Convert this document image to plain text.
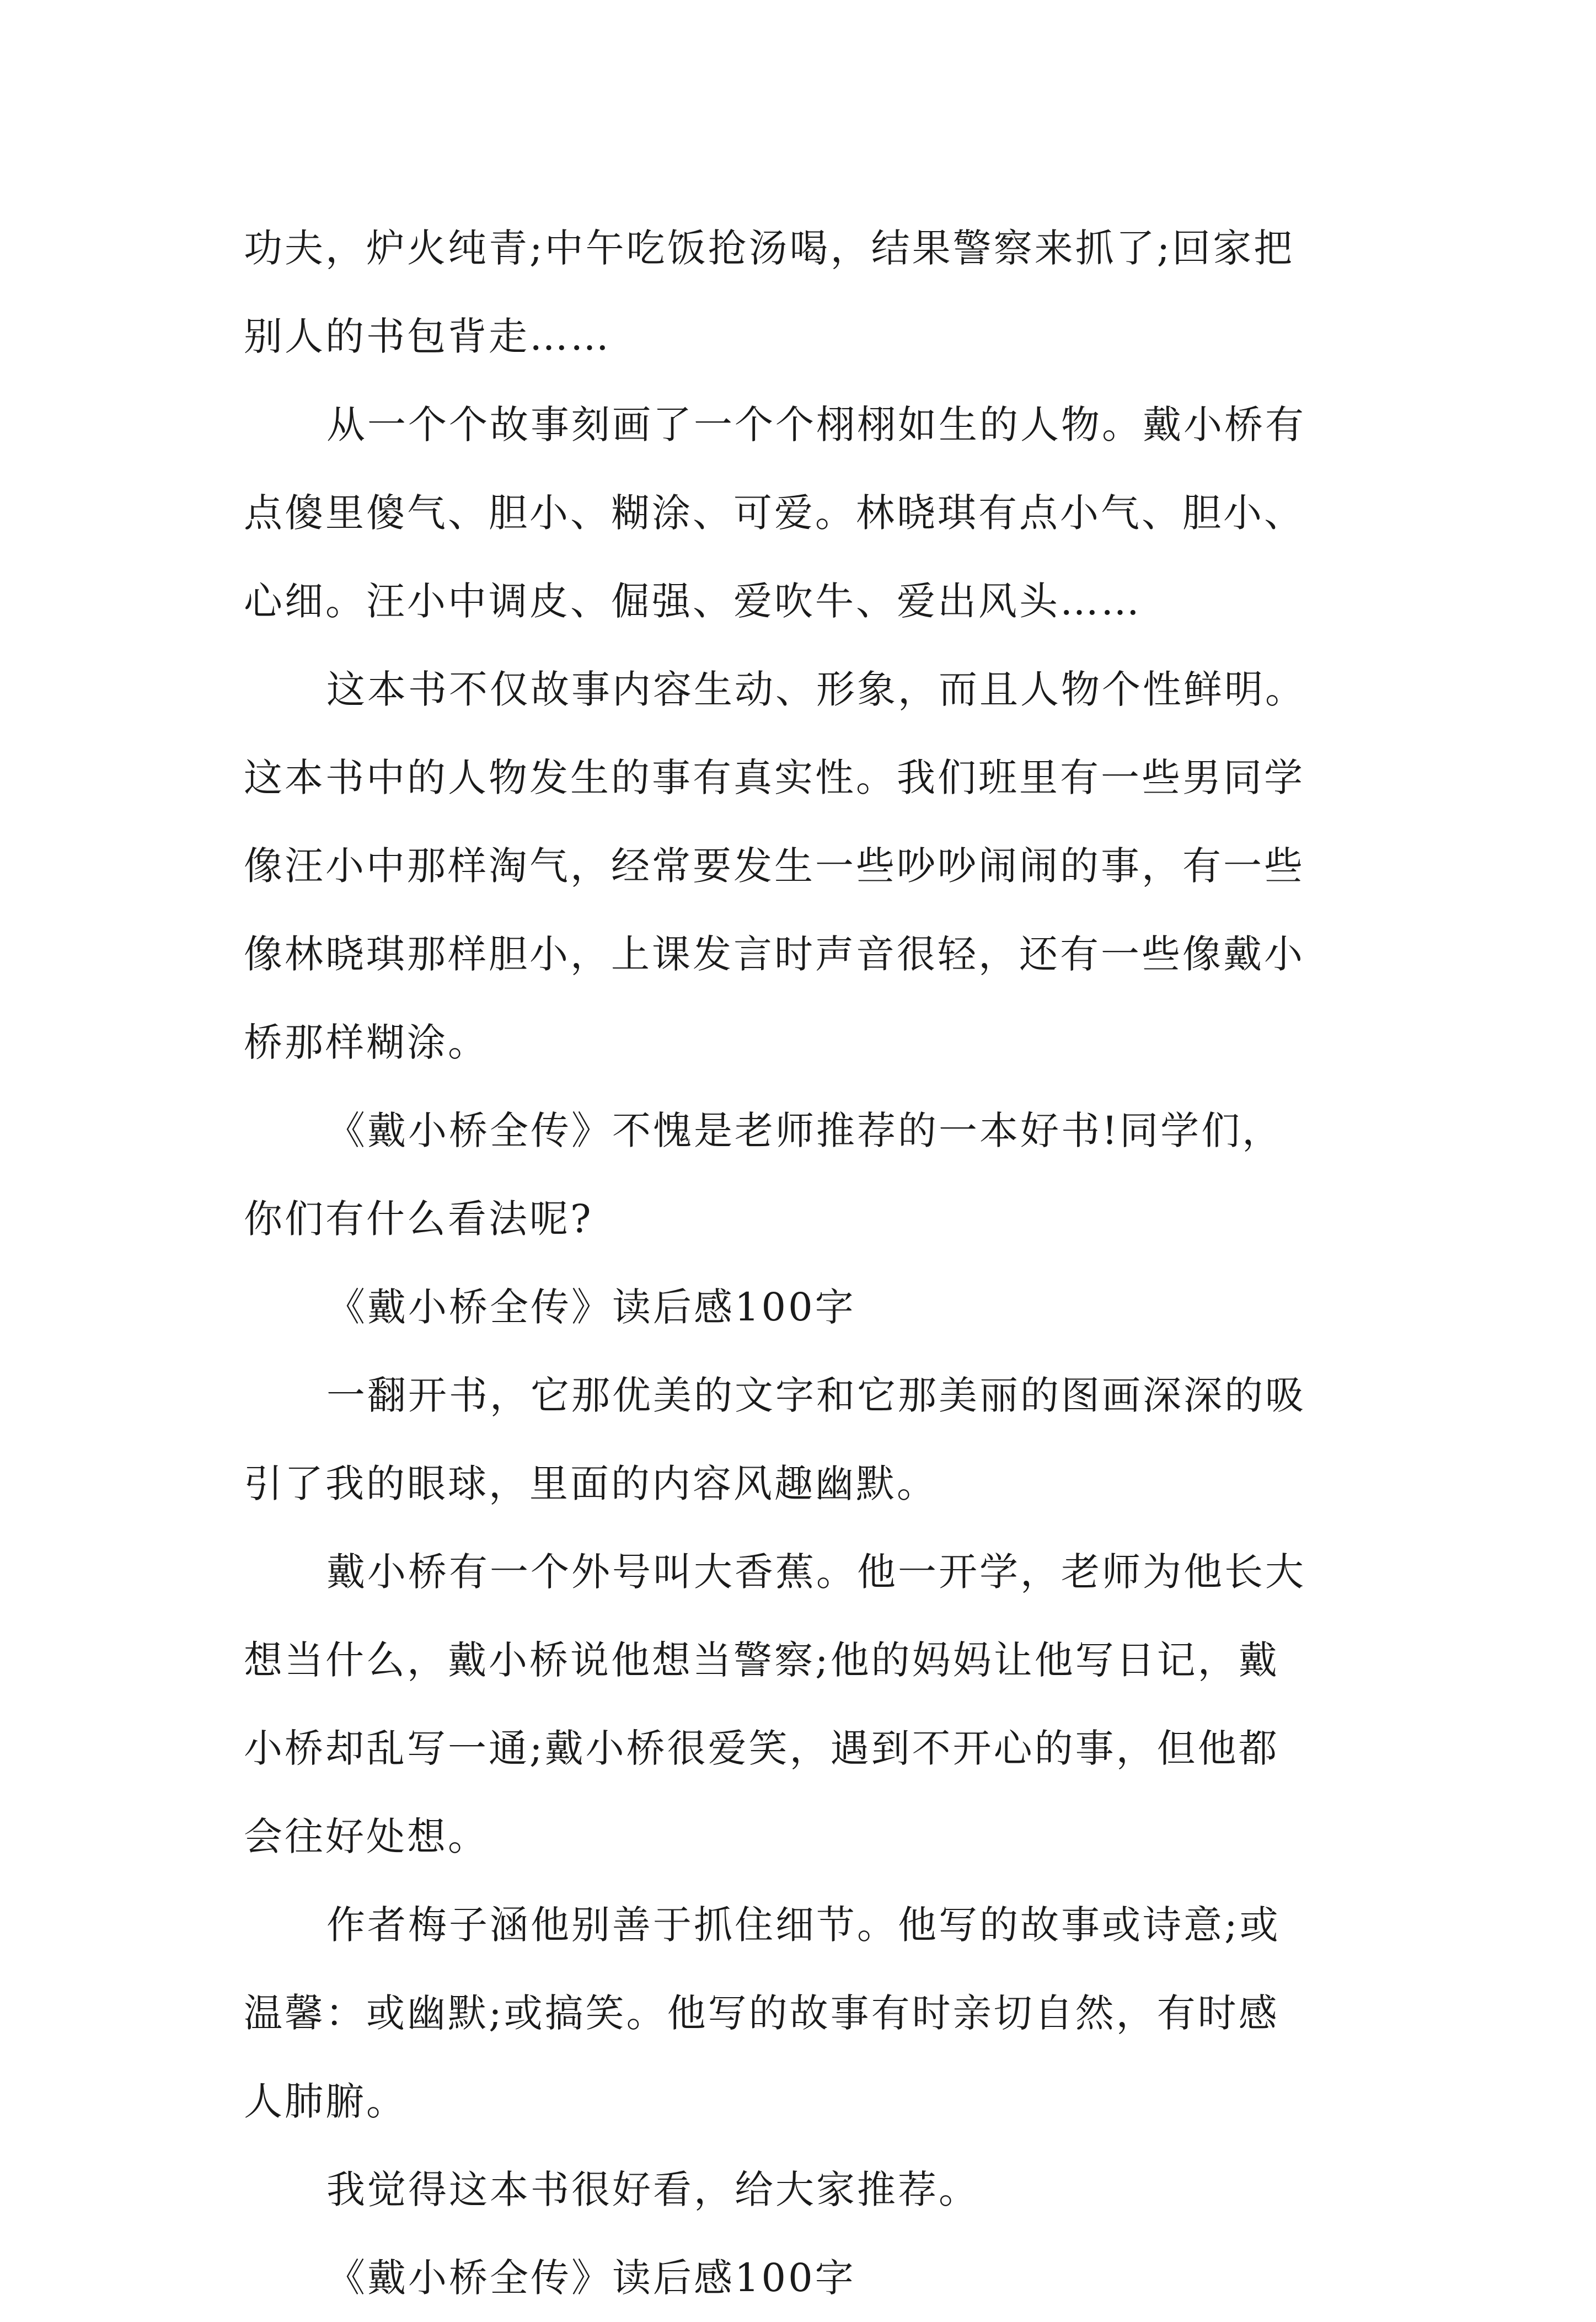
功夫，炉火纯青;中午吃饭抢汤喝，结果警察来抓了;回家把
别人的书包背走……
从一个个故事刻画了一个个栩栩如生的人物。戴小桥有
点傻里傻气、胆小、糊涂、可爱。林晓琪有点小气、胆小、
心细。汪小中调皮、倔强、爱吹牛、爱出风头……
这本书不仅故事内容生动、形象，而且人物个性鲜明。
这本书中的人物发生的事有真实性。我们班里有一些男同学
像汪小中那样淘气，经常要发生一些吵吵闹闹的事，有一些
像林晓琪那样胆小，上课发言时声音很轻，还有一些像戴小
桥那样糊涂。
《戴小桥全传》不愧是老师推荐的一本好书!同学们，
你们有什么看法呢?
《戴小桥全传》读后感100字
一翻开书，它那优美的文字和它那美丽的图画深深的吸
引了我的眼球，里面的内容风趣幽默。
戴小桥有一个外号叫大香蕉。他一开学，老师为他长大
想当什么，戴小桥说他想当警察;他的妈妈让他写日记，戴
小桥却乱写一通;戴小桥很爱笑，遇到不开心的事，但他都
会往好处想。
作者梅子涵他别善于抓住细节。他写的故事或诗意;或
温馨：或幽默;或搞笑。他写的故事有时亲切自然，有时感
人肺腑。
我觉得这本书很好看，给大家推荐。
《戴小桥全传》读后感100字
